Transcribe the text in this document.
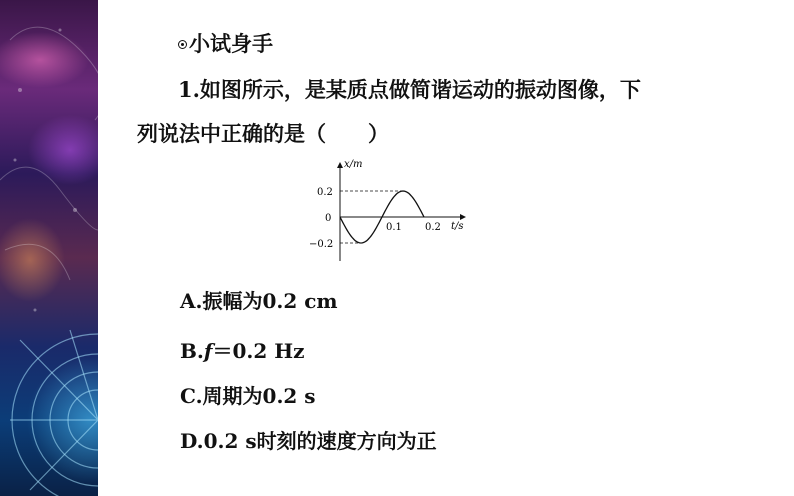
小试身手
1.如图所示，是某质点做简谐运动的振动图像，下
列说法中正确的是（　　）
x/m
t/s
0.2
0
−0.2
0.1 0.2
A.振幅为0.2 cm
B.f＝0.2 Hz
C.周期为0.2 s
D.0.2 s时刻的速度方向为正
